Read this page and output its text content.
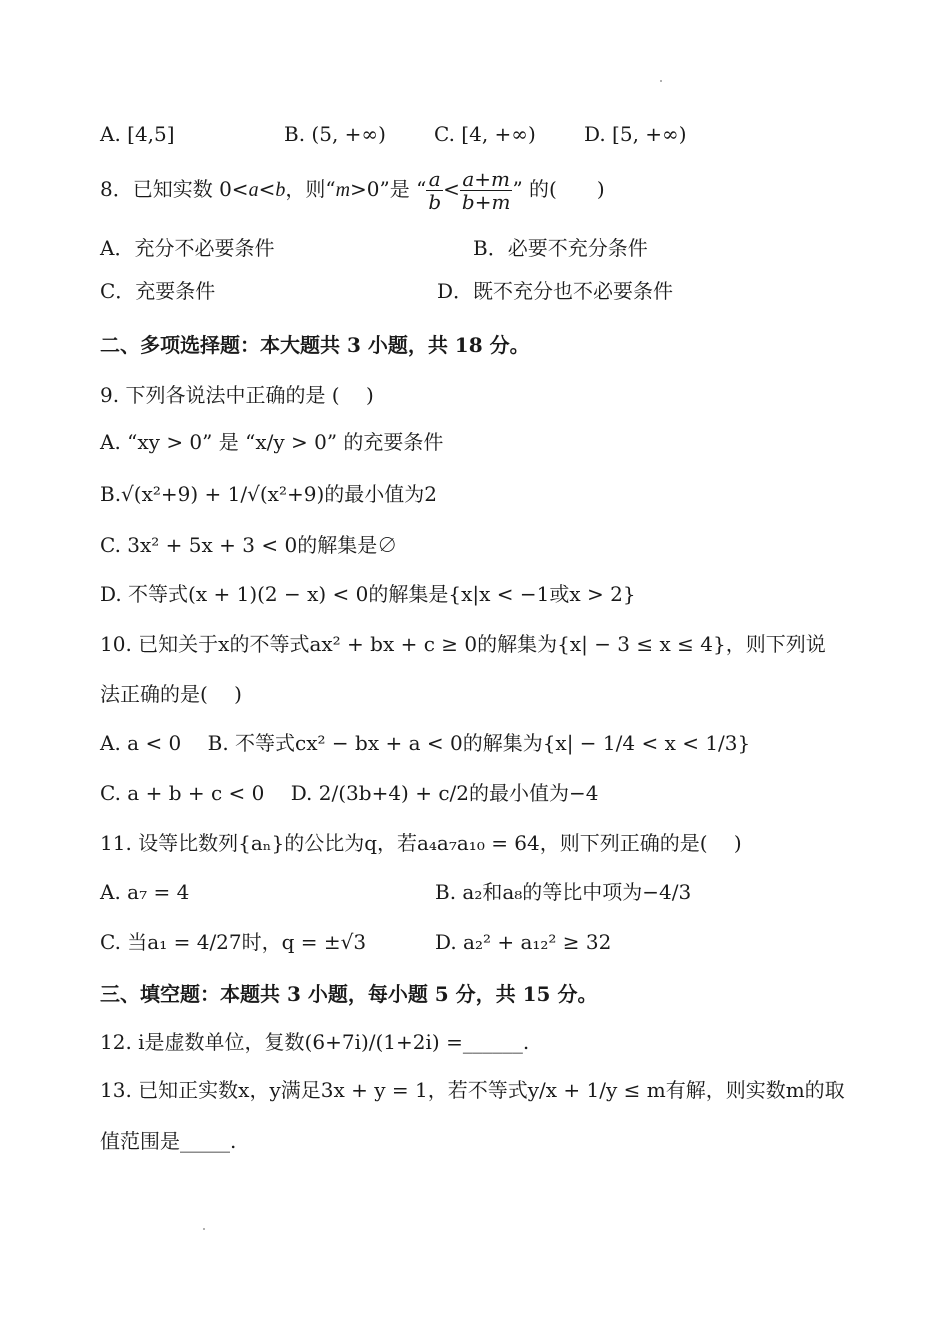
A. [4,5]	B. (5, +∞) C. [4, +∞) D. [5, +∞)
8．已知实数 0<a<b，则“m>0”是 “ $\frac{a}{b} < \frac{a+m}{b+m}$ ” 的(　　)
A．充分不必要条件	B．必要不充分条件
C．充要条件	D．既不充分也不必要条件
二、多项选择题：本大题共 3 小题，共 18 分。
9. 下列各说法中正确的是 (　 )
A. “xy > 0” 是 “x/y > 0” 的充要条件
B.√(x²+9) + 1/√(x²+9)的最小值为2
C. 3x² + 5x + 3 < 0的解集是∅
D. 不等式(x + 1)(2 − x) < 0的解集是{x|x < −1或x > 2}
10. 已知关于x的不等式ax² + bx + c ≥ 0的解集为{x| − 3 ≤ x ≤ 4}，则下列说
法正确的是(　 )
A. a < 0　 B. 不等式cx² − bx + a < 0的解集为{x| − 1/4 < x < 1/3}
C. a + b + c < 0　 D. 2/(3b+4) + c/2的最小值为−4
11. 设等比数列{aₙ}的公比为q，若a₄a₇a₁₀ = 64，则下列正确的是(　 )
A. a₇ = 4	B. a₂和a₈的等比中项为−4/3
C. 当a₁ = 4/27时，q = ±√3	D. a₂² + a₁₂² ≥ 32
三、填空题：本题共 3 小题，每小题 5 分，共 15 分。
12. i是虚数单位，复数(6+7i)/(1+2i) =______.
13. 已知正实数x，y满足3x + y = 1，若不等式y/x + 1/y ≤ m有解，则实数m的取
值范围是_____.
